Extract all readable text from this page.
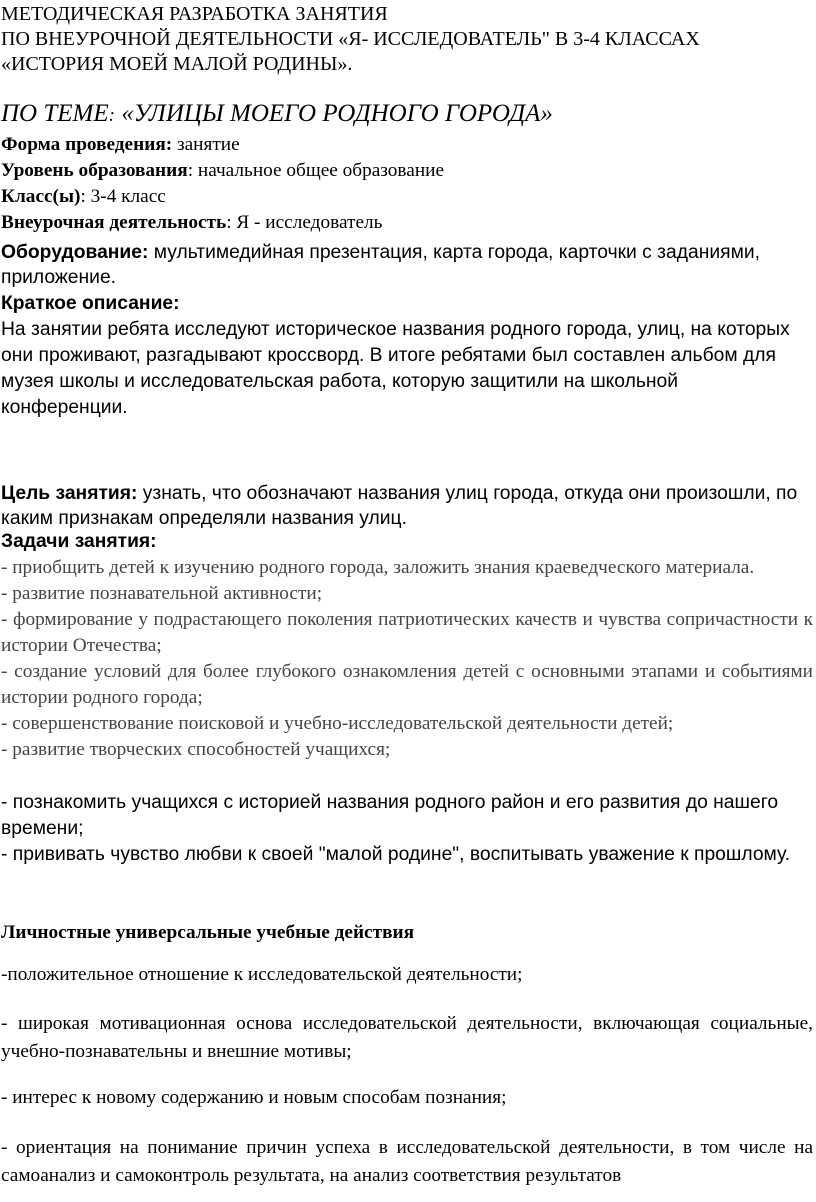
МЕТОДИЧЕСКАЯ РАЗРАБОТКА ЗАНЯТИЯ
ПО ВНЕУРОЧНОЙ ДЕЯТЕЛЬНОСТИ «Я- ИССЛЕДОВАТЕЛЬ" В 3-4 КЛАССАХ
«ИСТОРИЯ МОЕЙ МАЛОЙ РОДИНЫ».
ПО ТЕМЕ: «УЛИЦЫ МОЕГО РОДНОГО ГОРОДА»
Форма проведения: занятие
Уровень образования: начальное общее образование
Класс(ы): 3-4 класс
Внеурочная деятельность: Я - исследователь
Оборудование: мультимедийная презентация, карта города, карточки с заданиями, приложение.
Краткое описание:
На занятии ребята исследуют историческое названия родного города, улиц, на которых они проживают, разгадывают кроссворд. В итоге ребятами был составлен альбом для музея школы и исследовательская работа, которую защитили на школьной конференции.
Цель занятия: узнать, что обозначают названия улиц города, откуда они произошли, по каким признакам определяли названия улиц.
Задачи занятия:
- приобщить детей к изучению родного города, заложить знания краеведческого материала.
- развитие познавательной активности;
- формирование у подрастающего поколения патриотических качеств и чувства сопричастности к истории Отечества;
- создание условий для более глубокого ознакомления детей с основными этапами и событиями истории родного города;
- совершенствование поисковой и учебно-исследовательской деятельности детей;
- развитие творческих способностей учащихся;
- познакомить учащихся с историей названия родного район и его развития до нашего времени;
- прививать чувство любви к своей "малой родине", воспитывать уважение к прошлому.
Личностные универсальные учебные действия
-положительное отношение к исследовательской деятельности;
- широкая мотивационная основа исследовательской деятельности, включающая социальные, учебно-познавательны и внешние мотивы;
- интерес к новому содержанию и новым способам познания;
- ориентация на понимание причин успеха в исследовательской деятельности, в том числе на самоанализ и самоконтроль результата, на анализ соответствия результатов
